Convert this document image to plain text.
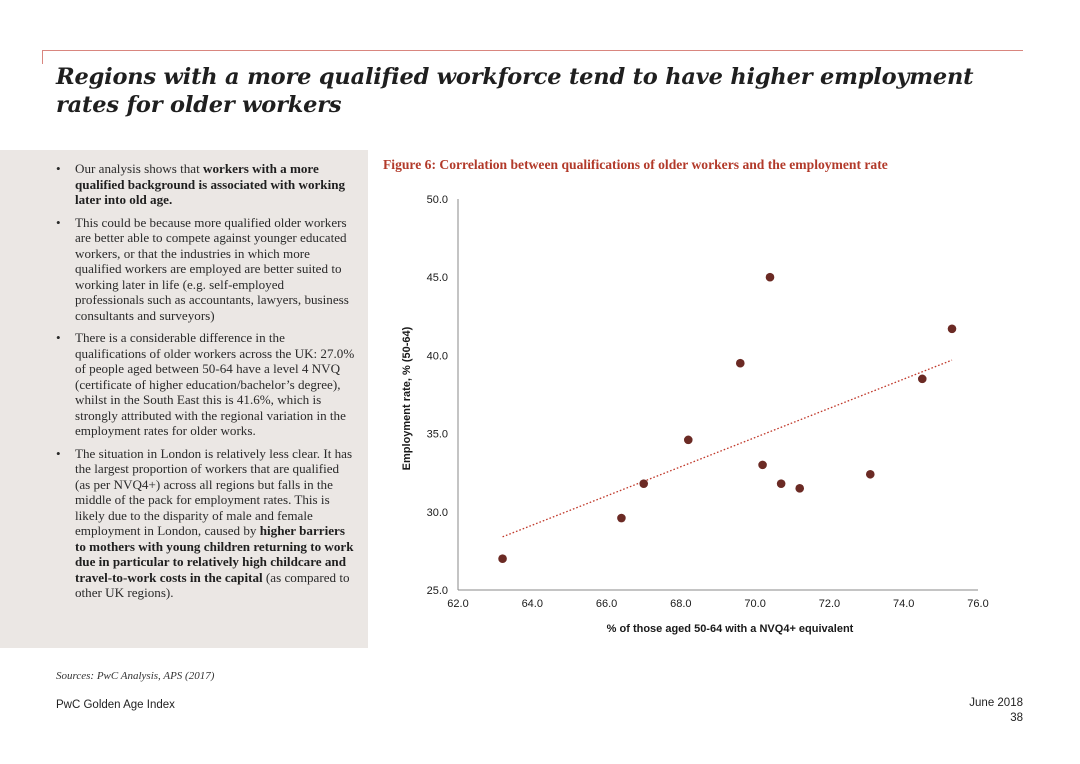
Regions with a more qualified workforce tend to have higher employment rates for older workers
• Our analysis shows that workers with a more qualified background is associated with working later into old age.
• This could be because more qualified older workers are better able to compete against younger educated workers, or that the industries in which more qualified workers are employed are better suited to working later in life (e.g. self-employed professionals such as accountants, lawyers, business consultants and surveyors)
• There is a considerable difference in the qualifications of older workers across the UK: 27.0% of people aged between 50-64 have a level 4 NVQ (certificate of higher education/bachelor’s degree), whilst in the South East this is 41.6%, which is strongly attributed with the regional variation in the employment rates for older works.
• The situation in London is relatively less clear. It has the largest proportion of workers that are qualified (as per NVQ4+) across all regions but falls in the middle of the pack for employment rates. This is likely due to the disparity of male and female employment in London, caused by higher barriers to mothers with young children returning to work due in particular to relatively high childcare and travel-to-work costs in the capital (as compared to other UK regions).
Figure 6: Correlation between qualifications of older workers and the employment rate
25.0
30.0
35.0
40.0
45.0
50.0
62.0	64.0	66.0	68.0	70.0	72.0	74.0	76.0
% of those aged 50-64 with a NVQ4+ equivalent
Employment rate, % (50-64)
Sources: PwC Analysis, APS (2017)
PwC Golden Age Index	June 2018
38
